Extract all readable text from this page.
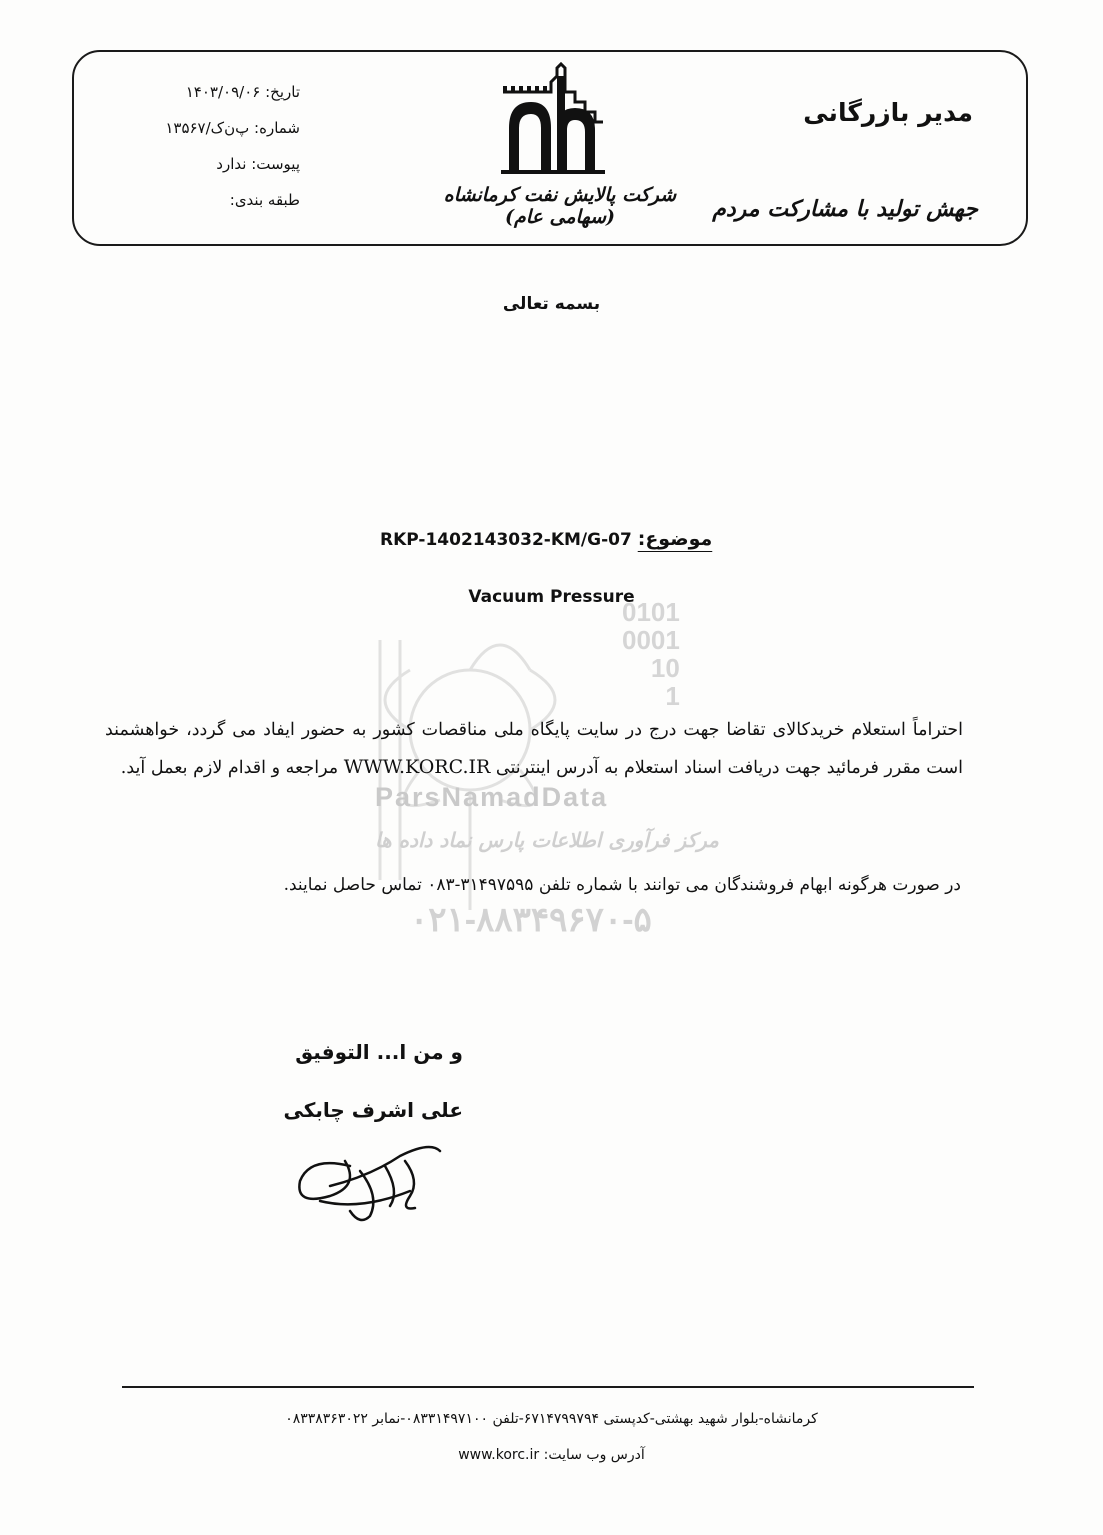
تاریخ: ۱۴۰۳/۰۹/۰۶
شماره: پ‌ن‌ک/۱۳۵۶۷
پیوست: ندارد
طبقه بندی:	شرکت پالایش نفت کرمانشاه (سهامی عام)
مدیر بازرگانی
جهش تولید با مشارکت مردم
بسمه تعالی
0101
0001
10
1
ParsNamadData
مرکز فرآوری اطلاعات پارس نماد داده ها
۰۲۱-۸۸۳۴۹۶۷۰-۵
موضوع: RKP-1402143032-KM/G-07
Vacuum Pressure
احتراماً استعلام خریدکالای تقاضا جهت درج در سایت پایگاه ملی مناقصات کشور به حضور ایفاد می گردد، خواهشمند است مقرر فرمائید جهت دریافت اسناد استعلام به آدرس اینترنتی WWW.KORC.IR مراجعه و اقدام لازم بعمل آید.
در صورت هرگونه ابهام فروشندگان می توانند با شماره تلفن ۳۱۴۹۷۵۹۵-۰۸۳ تماس حاصل نمایند.
و من ا... التوفیق
علی اشرف چابکی
کرمانشاه-بلوار شهید بهشتی-کدپستی ۶۷۱۴۷۹۹۷۹۴-تلفن ۰۸۳۳۱۴۹۷۱۰۰-نمابر ۰۸۳۳۸۳۶۳۰۲۲
آدرس وب سایت: www.korc.ir
